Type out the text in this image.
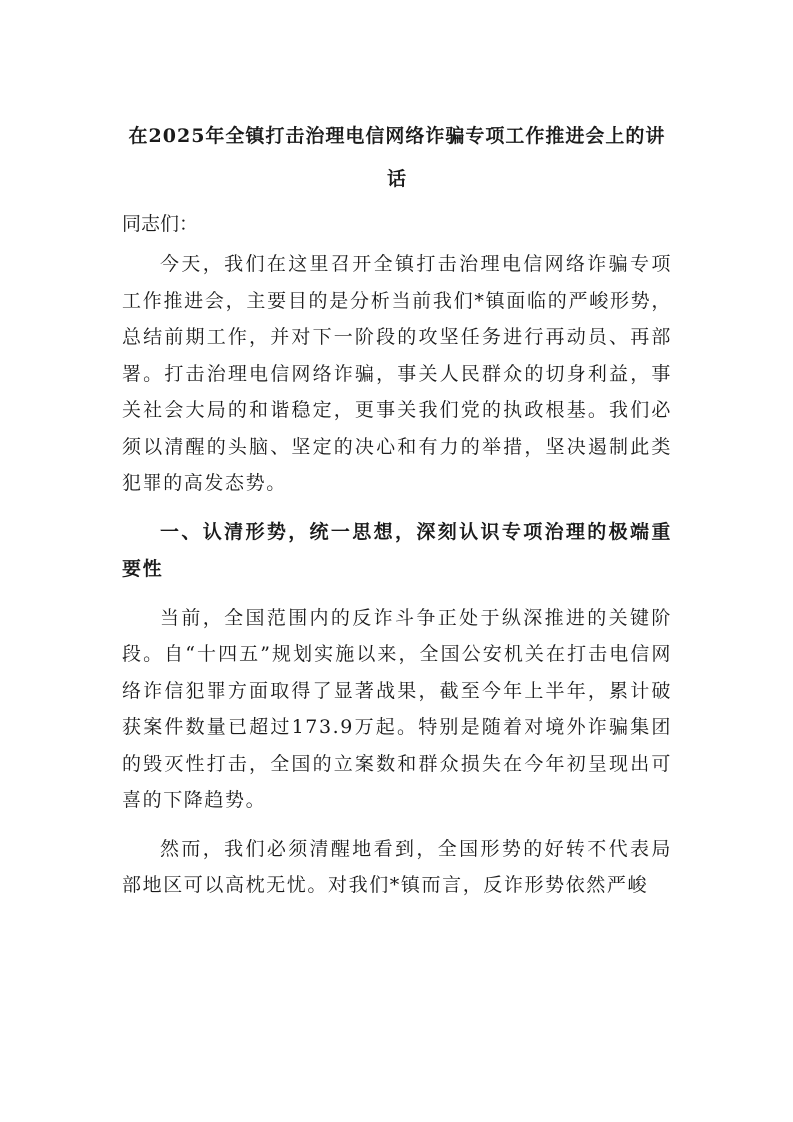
在2025年全镇打击治理电信网络诈骗专项工作推进会上的讲话
同志们：

今天，我们在这里召开全镇打击治理电信网络诈骗专项工作推进会，主要目的是分析当前我们*镇面临的严峻形势，总结前期工作，并对下一阶段的攻坚任务进行再动员、再部署。打击治理电信网络诈骗，事关人民群众的切身利益，事关社会大局的和谐稳定，更事关我们党的执政根基。我们必须以清醒的头脑、坚定的决心和有力的举措，坚决遏制此类犯罪的高发态势。

一、认清形势，统一思想，深刻认识专项治理的极端重要性

当前，全国范围内的反诈斗争正处于纵深推进的关键阶段。自“十四五”规划实施以来，全国公安机关在打击电信网络诈信犯罪方面取得了显著战果，截至今年上半年，累计破获案件数量已超过173.9万起。特别是随着对境外诈骗集团的毁灭性打击，全国的立案数和群众损失在今年初呈现出可喜的下降趋势。

然而，我们必须清醒地看到，全国形势的好转不代表局部地区可以高枕无忧。对我们*镇而言，反诈形势依然严峻
